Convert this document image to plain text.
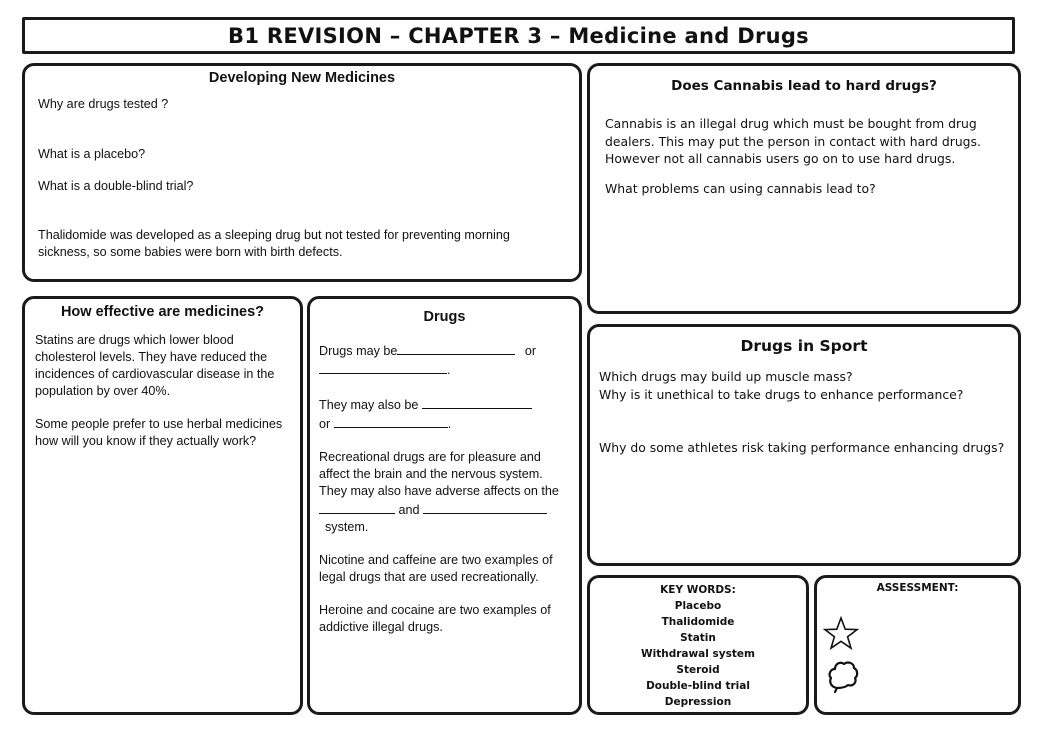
B1 REVISION – CHAPTER 3 – Medicine and Drugs
Developing New Medicines

Why are drugs tested ?

What is a placebo?

What is a double-blind trial?

Thalidomide was developed as a sleeping drug but not tested for preventing morning sickness, so some babies were born with birth defects.

Does Cannabis lead to hard drugs?

Cannabis is an illegal drug which must be bought from drug dealers. This may put the person in contact with hard drugs. However not all cannabis users go on to use hard drugs.

What problems can using cannabis lead to?

How effective are medicines?

Statins are drugs which lower blood cholesterol levels. They have reduced the incidences of cardiovascular disease in the population by over 40%.

Some people prefer to use herbal medicines how will you know if they actually work?

Drugs

Drugs may be	or

.

They may also be

or	.

Recreational drugs are for pleasure and affect the brain and the nervous system. They may also have adverse affects on the  and  system.

Nicotine and caffeine are two examples of legal drugs that are used recreationally.

Heroine and cocaine are two examples of addictive illegal drugs.

Drugs in Sport

Which drugs may build up muscle mass?

Why is it unethical to take drugs to enhance performance?

Why do some athletes risk taking performance enhancing drugs?

KEY WORDS:
Placebo
Thalidomide
Statin
Withdrawal system
Steroid
Double-blind trial
Depression
ASSESSMENT:
